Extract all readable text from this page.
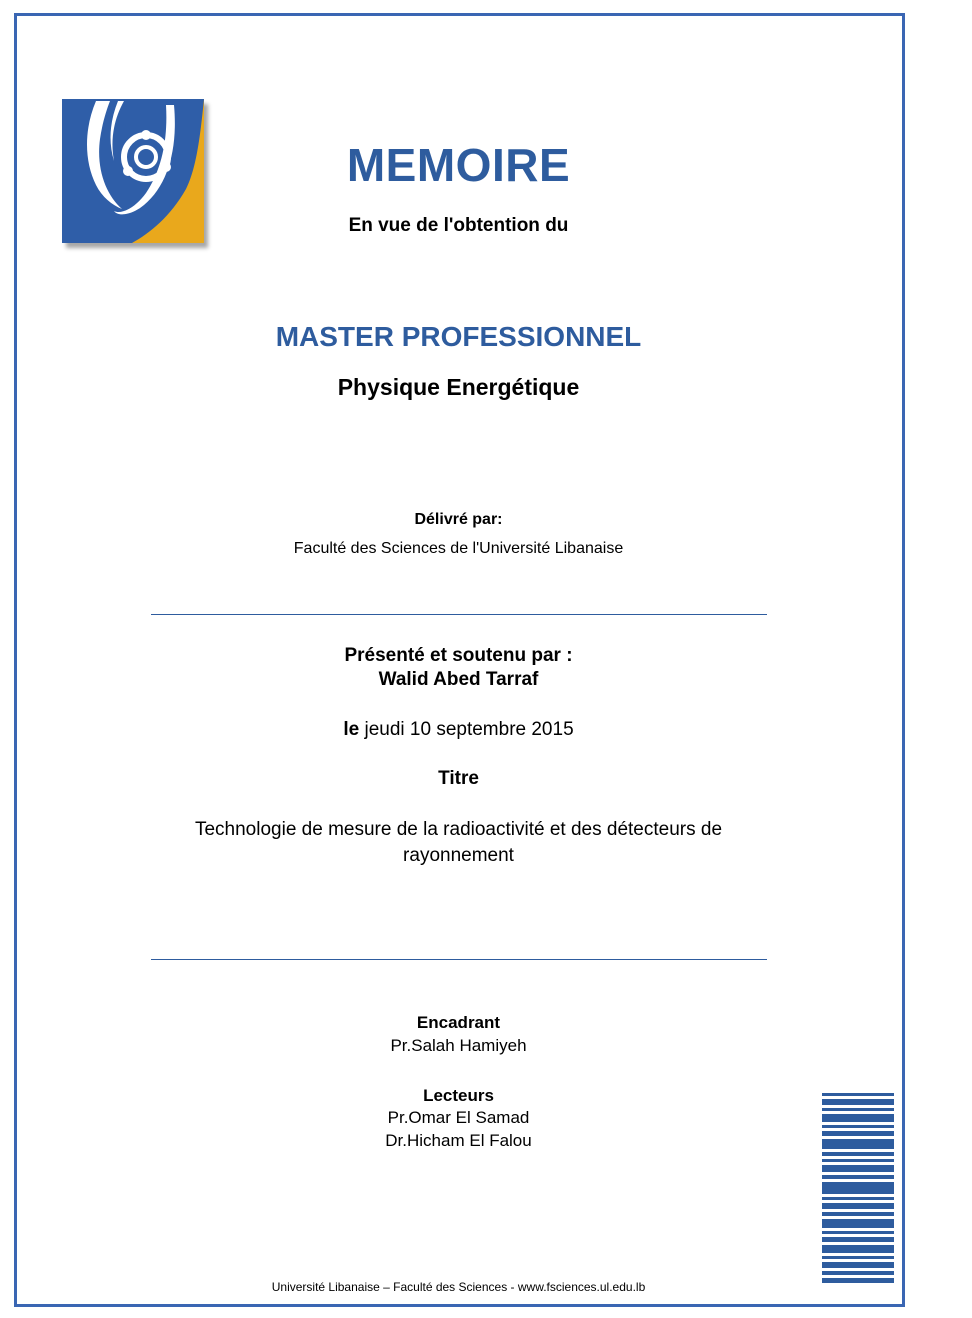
MEMOIRE
En vue de l'obtention du
MASTER PROFESSIONNEL
Physique Energétique
Délivré par:
Faculté des Sciences de l'Université Libanaise
Présenté et soutenu par :
Walid Abed Tarraf
le jeudi 10 septembre 2015
Titre
Technologie de mesure de la radioactivité et des détecteurs de
rayonnement
Encadrant
Pr.Salah Hamiyeh
Lecteurs
Pr.Omar El Samad
Dr.Hicham El Falou
Université Libanaise – Faculté des Sciences - www.fsciences.ul.edu.lb
